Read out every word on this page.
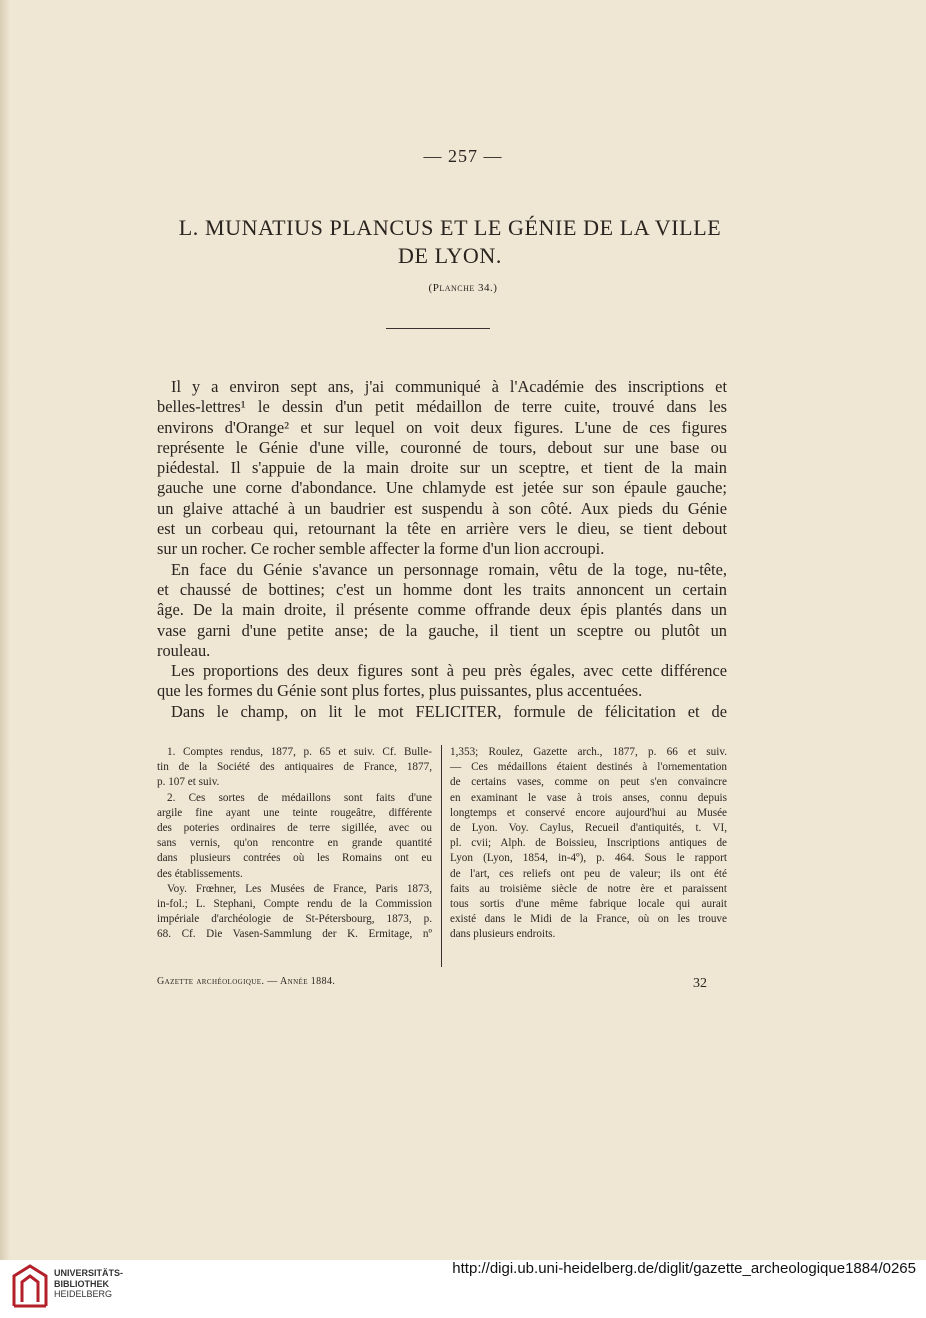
— 257 —
L. MUNATIUS PLANCUS ET LE GÉNIE DE LA VILLE
DE LYON.
(Planche 34.)
Il y a environ sept ans, j'ai communiqué à l'Académie des inscriptions et
belles-lettres¹ le dessin d'un petit médaillon de terre cuite, trouvé dans les
environs d'Orange² et sur lequel on voit deux figures. L'une de ces figures
représente le Génie d'une ville, couronné de tours, debout sur une base ou
piédestal. Il s'appuie de la main droite sur un sceptre, et tient de la main
gauche une corne d'abondance. Une chlamyde est jetée sur son épaule gauche;
un glaive attaché à un baudrier est suspendu à son côté. Aux pieds du Génie
est un corbeau qui, retournant la tête en arrière vers le dieu, se tient debout
sur un rocher. Ce rocher semble affecter la forme d'un lion accroupi.
En face du Génie s'avance un personnage romain, vêtu de la toge, nu-tête,
et chaussé de bottines; c'est un homme dont les traits annoncent un certain
âge. De la main droite, il présente comme offrande deux épis plantés dans un
vase garni d'une petite anse; de la gauche, il tient un sceptre ou plutôt un
rouleau.
Les proportions des deux figures sont à peu près égales, avec cette différence
que les formes du Génie sont plus fortes, plus puissantes, plus accentuées.
Dans le champ, on lit le mot FELICITER, formule de félicitation et de
1. Comptes rendus, 1877, p. 65 et suiv. Cf. Bulle-
tin de la Société des antiquaires de France, 1877,
p. 107 et suiv.
2. Ces sortes de médaillons sont faits d'une
argile fine ayant une teinte rougeâtre, différente
des poteries ordinaires de terre sigillée, avec ou
sans vernis, qu'on rencontre en grande quantité
dans plusieurs contrées où les Romains ont eu
des établissements.
Voy. Frœhner, Les Musées de France, Paris 1873,
in-fol.; L. Stephani, Compte rendu de la Commission
impériale d'archéologie de St-Pétersbourg, 1873, p.
68. Cf. Die Vasen-Sammlung der K. Ermitage, nº
1,353; Roulez, Gazette arch., 1877, p. 66 et suiv.
— Ces médaillons étaient destinés à l'ornementation
de certains vases, comme on peut s'en convaincre
en examinant le vase à trois anses, connu depuis
longtemps et conservé encore aujourd'hui au Musée
de Lyon. Voy. Caylus, Recueil d'antiquités, t. VI,
pl. cvii; Alph. de Boissieu, Inscriptions antiques de
Lyon (Lyon, 1854, in-4º), p. 464. Sous le rapport
de l'art, ces reliefs ont peu de valeur; ils ont été
faits au troisième siècle de notre ère et paraissent
tous sortis d'une même fabrique locale qui aurait
existé dans le Midi de la France, où on les trouve
dans plusieurs endroits.
Gazette archéologique. — Année 1884.	32
UNIVERSITÄTS-
BIBLIOTHEK
HEIDELBERG
http://digi.ub.uni-heidelberg.de/diglit/gazette_archeologique1884/0265
